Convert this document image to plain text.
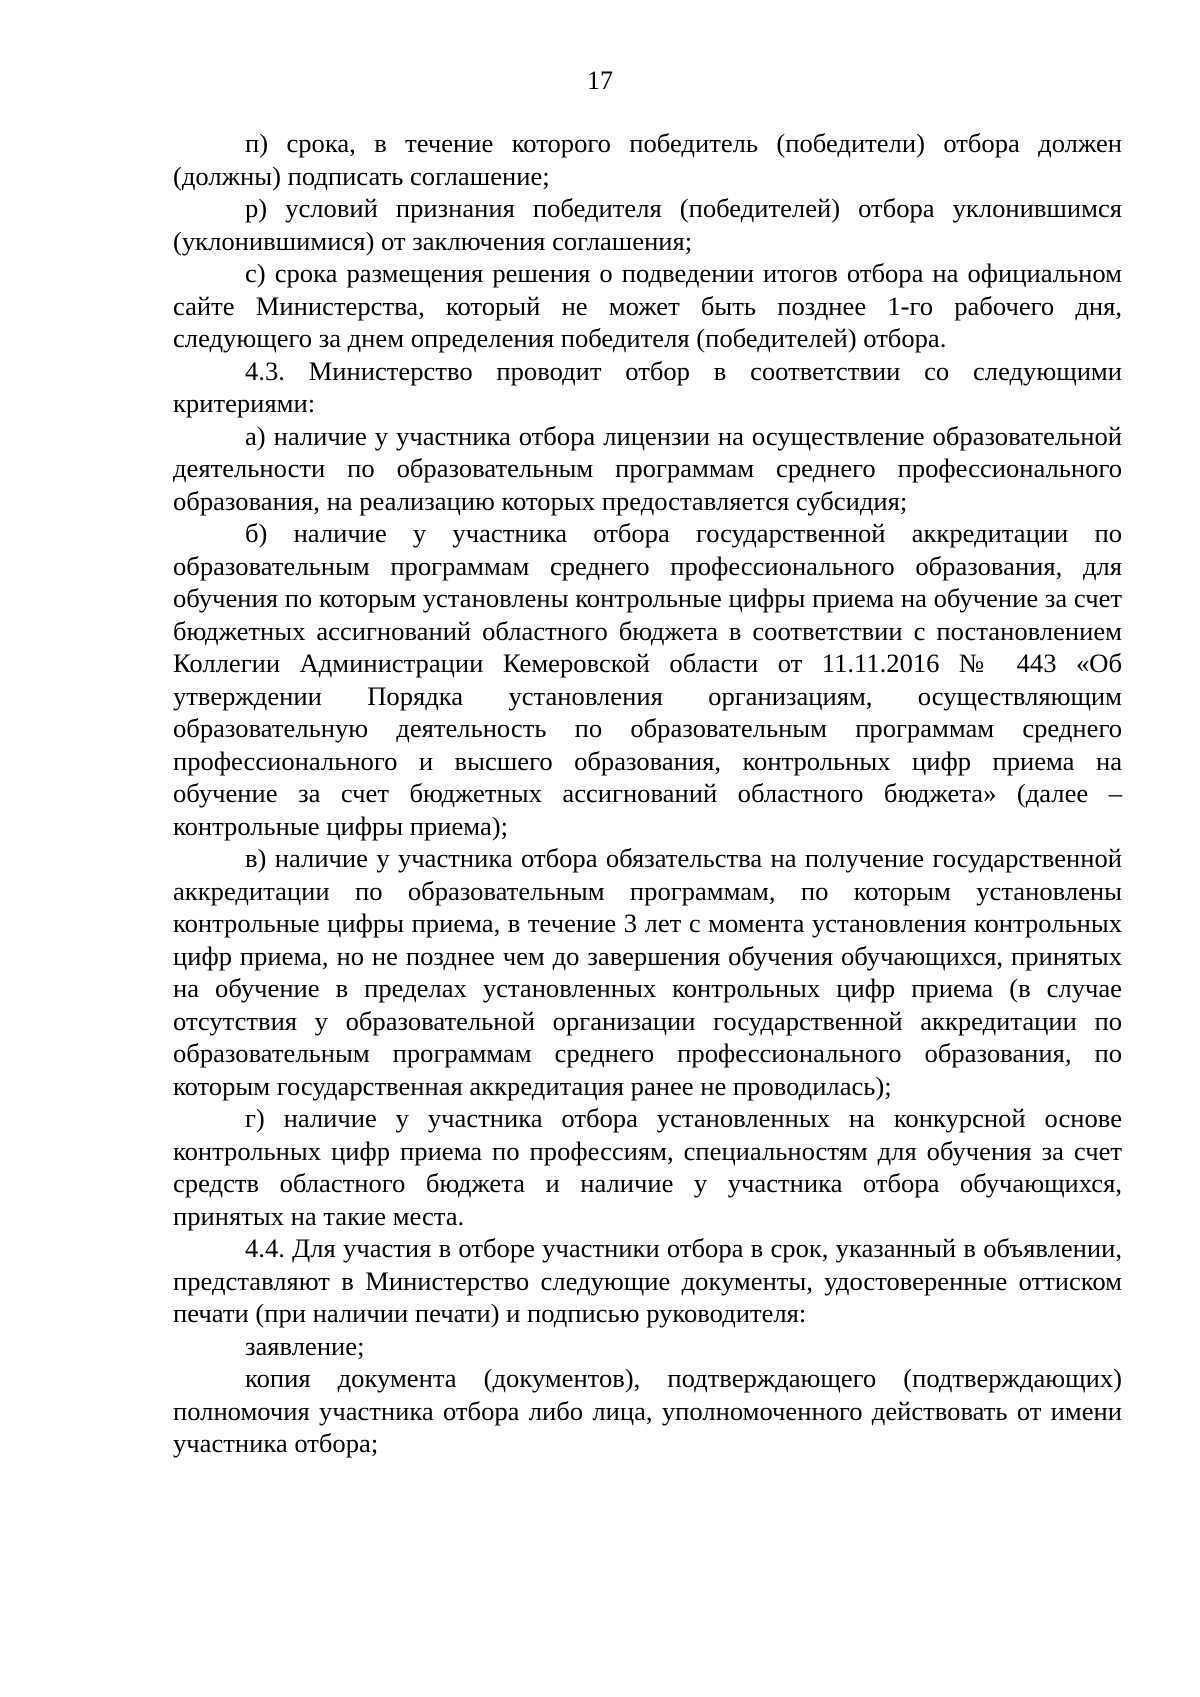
17

п) срока, в течение которого победитель (победители) отбора должен (должны) подписать соглашение;

р) условий признания победителя (победителей) отбора уклонившимся (уклонившимися) от заключения соглашения;

с) срока размещения решения о подведении итогов отбора на официальном сайте Министерства, который не может быть позднее 1-го рабочего дня, следующего за днем определения победителя (победителей) отбора.

4.3. Министерство проводит отбор в соответствии со следующими критериями:

а) наличие у участника отбора лицензии на осуществление образовательной деятельности по образовательным программам среднего профессионального образования, на реализацию которых предоставляется субсидия;

б) наличие у участника отбора государственной аккредитации по образовательным программам среднего профессионального образования, для обучения по которым установлены контрольные цифры приема на обучение за счет бюджетных ассигнований областного бюджета в соответствии с постановлением Коллегии Администрации Кемеровской области от 11.11.2016 № 443 «Об утверждении Порядка установления организациям, осуществляющим образовательную деятельность по образовательным программам среднего профессионального и высшего образования, контрольных цифр приема на обучение за счет бюджетных ассигнований областного бюджета» (далее – контрольные цифры приема);

в) наличие у участника отбора обязательства на получение государственной аккредитации по образовательным программам, по которым установлены контрольные цифры приема, в течение 3 лет с момента установления контрольных цифр приема, но не позднее чем до завершения обучения обучающихся, принятых на обучение в пределах установленных контрольных цифр приема (в случае отсутствия у образовательной организации государственной аккредитации по образовательным программам среднего профессионального образования, по которым государственная аккредитация ранее не проводилась);

г) наличие у участника отбора установленных на конкурсной основе контрольных цифр приема по профессиям, специальностям для обучения за счет средств областного бюджета и наличие у участника отбора обучающихся, принятых на такие места.

4.4. Для участия в отборе участники отбора в срок, указанный в объявлении, представляют в Министерство следующие документы, удостоверенные оттиском печати (при наличии печати) и подписью руководителя:

заявление;

копия документа (документов), подтверждающего (подтверждающих) полномочия участника отбора либо лица, уполномоченного действовать от имени участника отбора;
